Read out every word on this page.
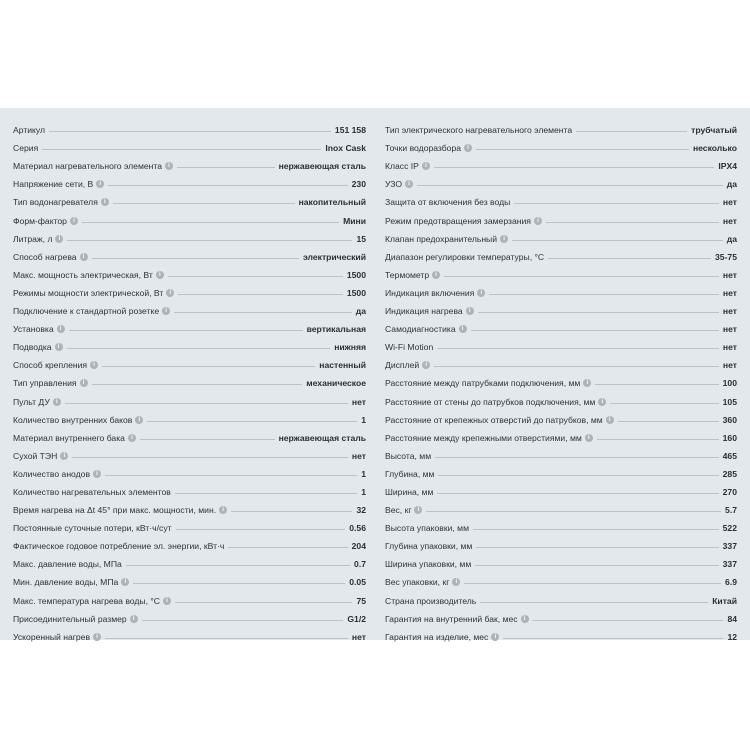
Артикул	151 158
Серия	Inox Cask
Материал нагревательного элемента	i	нержавеющая сталь
Напряжение сети, В	i	230
Тип водонагревателя	i	накопительный
Форм-фактор	i	Мини
Литраж, л	i	15
Способ нагрева	i	электрический
Макс. мощность электрическая, Вт	i	1500
Режимы мощности электрической, Вт	i	1500
Подключение к стандартной розетке	i	да
Установка	i	вертикальная
Подводка	i	нижняя
Способ крепления	i	настенный
Тип управления	i	механическое
Пульт ДУ	i	нет
Количество внутренних баков	i	1
Материал внутреннего бака	i	нержавеющая сталь
Сухой ТЭН	i	нет
Количество анодов	i	1
Количество нагревательных элементов	1
Время нагрева на Δt 45° при макс. мощности, мин.	i	32
Постоянные суточные потери, кВт·ч/сут	0.56
Фактическое годовое потребление эл. энергии, кВт·ч	204
Макс. давление воды, МПа	0.7
Мин. давление воды, МПа	i	0.05
Макс. температура нагрева воды, °С	i	75
Присоединительный размер	i	G1/2
Ускоренный нагрев	i	нет
Тип электрического нагревательного элемента	трубчатый
Точки водоразбора	i	несколько
Класс IP	i	IPX4
УЗО	i	да
Защита от включения без воды	нет
Режим предотвращения замерзания	i	нет
Клапан предохранительный	i	да
Диапазон регулировки температуры, °С	35-75
Термометр	i	нет
Индикация включения	i	нет
Индикация нагрева	i	нет
Самодиагностика	i	нет
Wi-Fi Motion	нет
Дисплей	i	нет
Расстояние между патрубками подключения, мм	i	100
Расстояние от стены до патрубков подключения, мм	i	105
Расстояние от крепежных отверстий до патрубков, мм	i	360
Расстояние между крепежными отверстиями, мм	i	160
Высота, мм	465
Глубина, мм	285
Ширина, мм	270
Вес, кг	i	5.7
Высота упаковки, мм	522
Глубина упаковки, мм	337
Ширина упаковки, мм	337
Вес упаковки, кг	i	6.9
Страна производитель	Китай
Гарантия на внутренний бак, мес	i	84
Гарантия на изделие, мес	i	12
